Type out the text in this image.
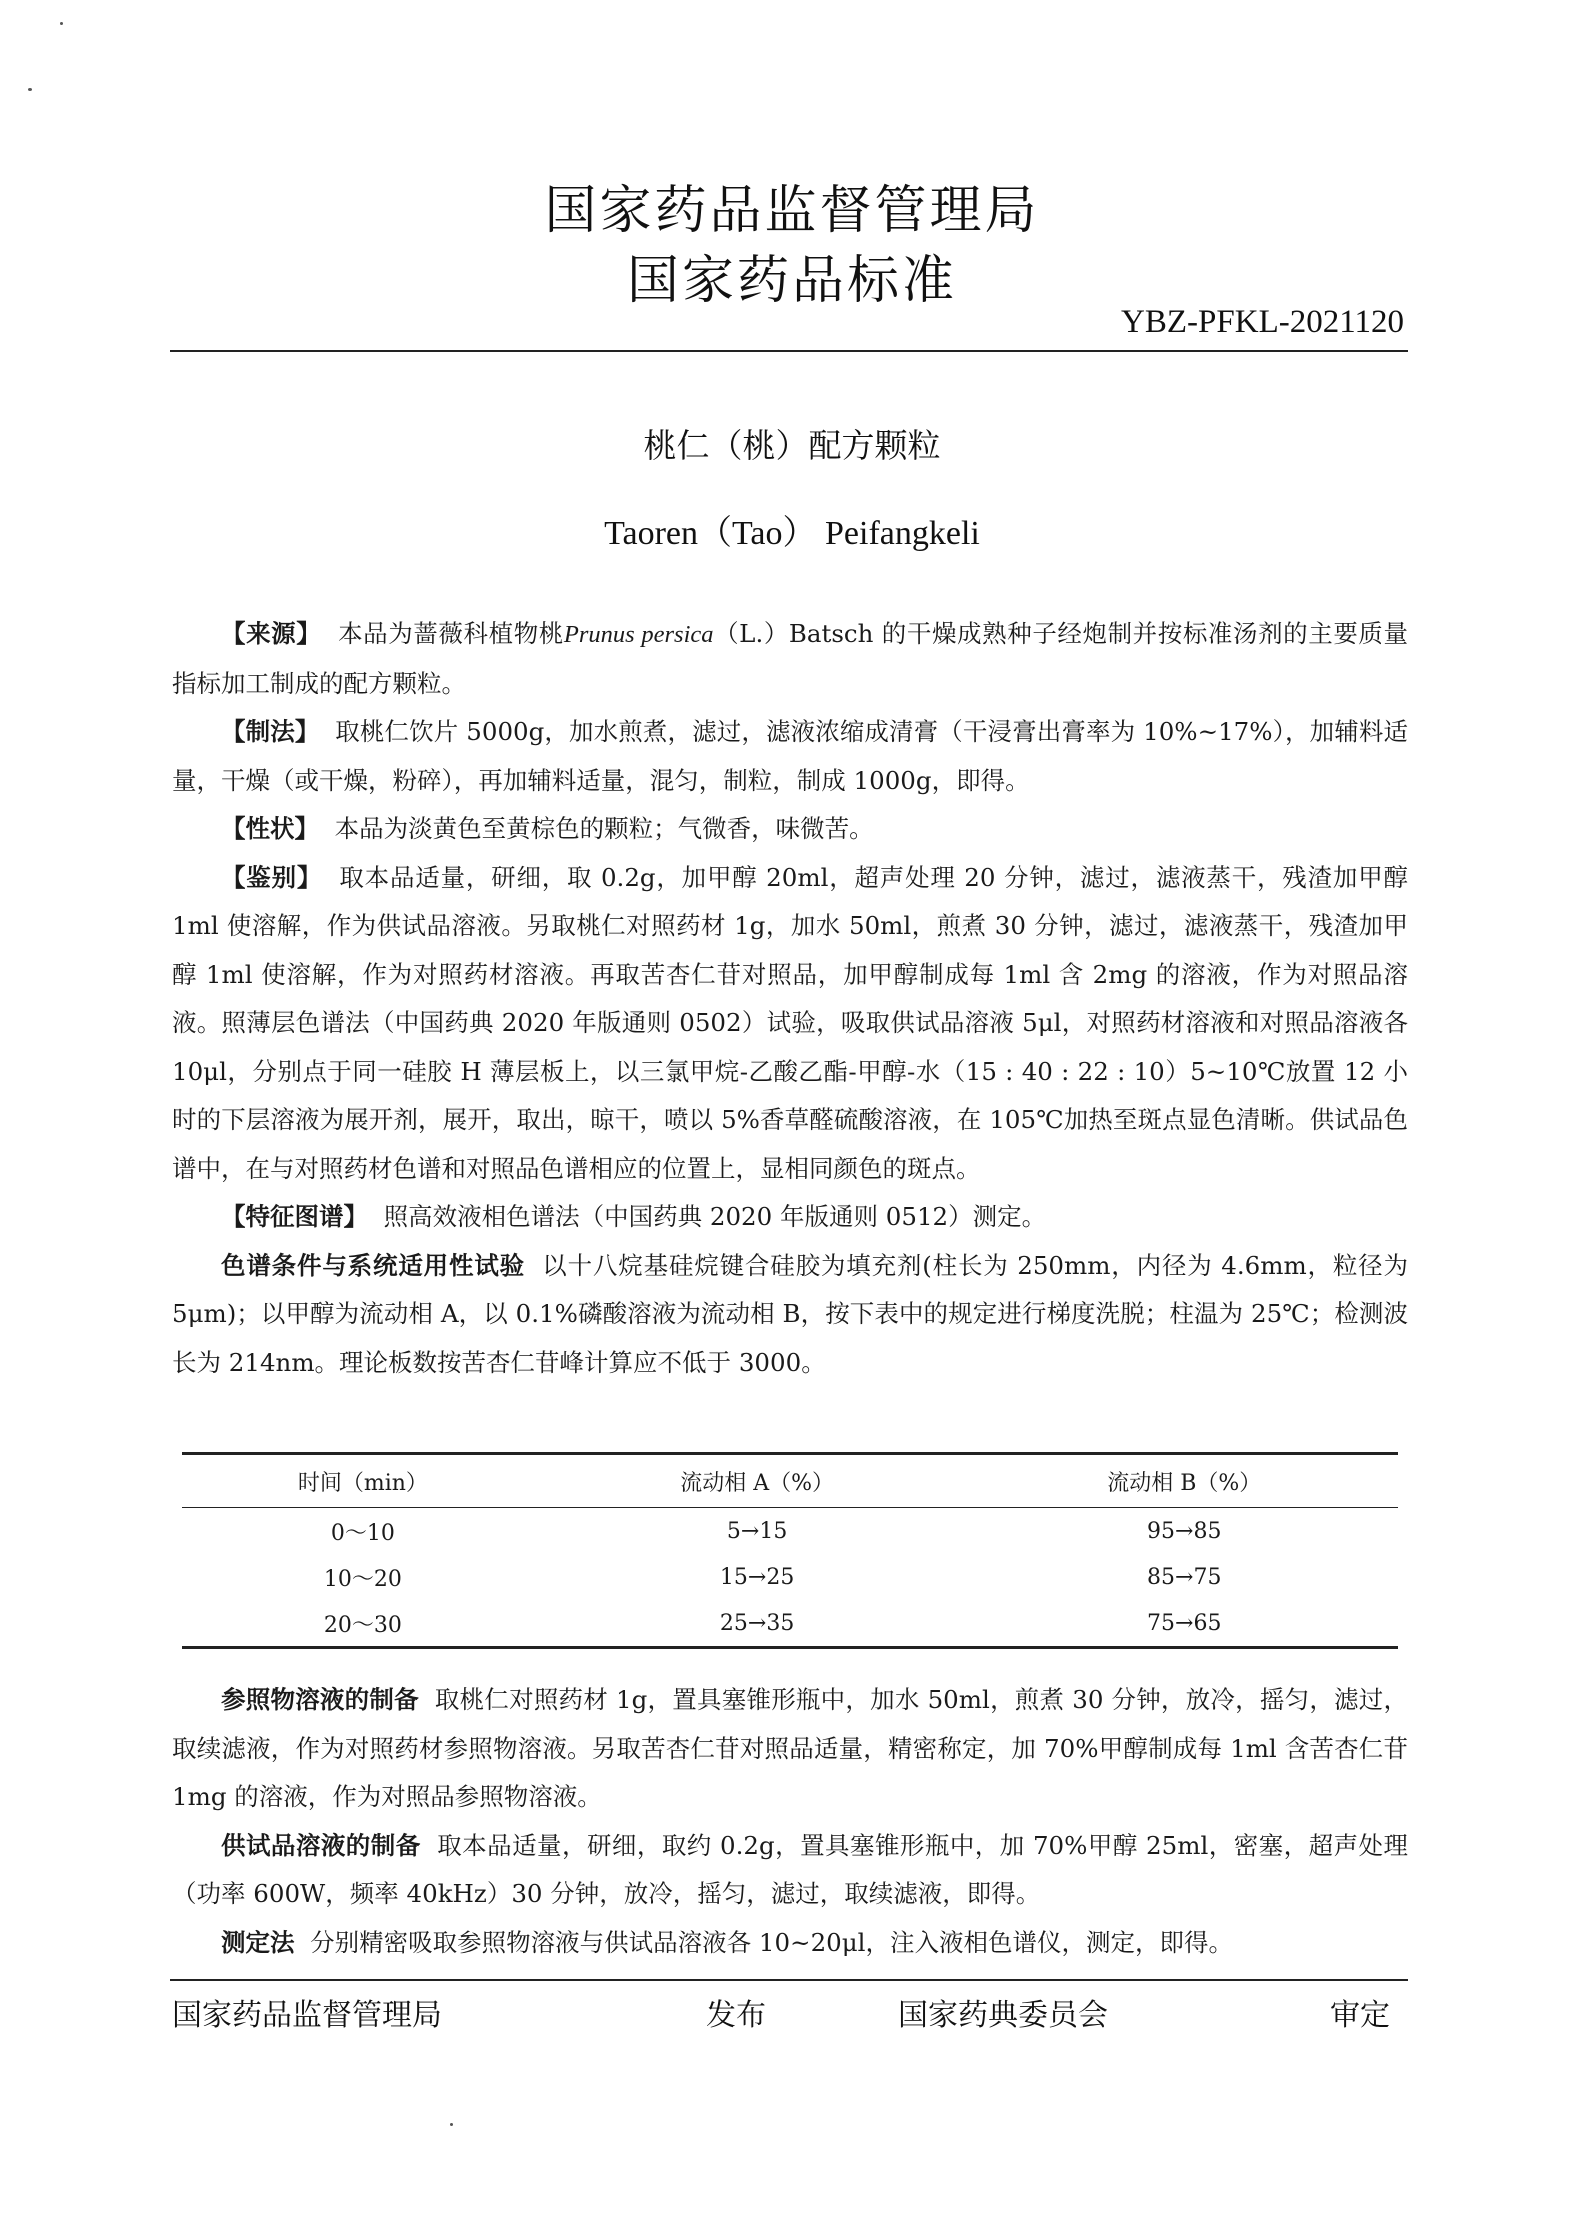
国家药品监督管理局
国家药品标准
YBZ-PFKL-2021120
桃仁（桃）配方颗粒
Taoren（Tao） Peifangkeli

【来源】 本品为蔷薇科植物桃Prunus persica（L.）Batsch 的干燥成熟种子经炮制并按标准汤剂的主要质量指标加工制成的配方颗粒。

【制法】 取桃仁饮片 5000g，加水煎煮，滤过，滤液浓缩成清膏（干浸膏出膏率为 10%~17%），加辅料适量，干燥（或干燥，粉碎），再加辅料适量，混匀，制粒，制成 1000g，即得。

【性状】 本品为淡黄色至黄棕色的颗粒；气微香，味微苦。

【鉴别】 取本品适量，研细，取 0.2g，加甲醇 20ml，超声处理 20 分钟，滤过，滤液蒸干，残渣加甲醇 1ml 使溶解，作为供试品溶液。另取桃仁对照药材 1g，加水 50ml，煎煮 30 分钟，滤过，滤液蒸干，残渣加甲醇 1ml 使溶解，作为对照药材溶液。再取苦杏仁苷对照品，加甲醇制成每 1ml 含 2mg 的溶液，作为对照品溶液。照薄层色谱法（中国药典 2020 年版通则 0502）试验，吸取供试品溶液 5μl，对照药材溶液和对照品溶液各 10μl，分别点于同一硅胶 H 薄层板上，以三氯甲烷-乙酸乙酯-甲醇-水（15 : 40 : 22 : 10）5~10℃放置 12 小时的下层溶液为展开剂，展开，取出，晾干，喷以 5%香草醛硫酸溶液，在 105℃加热至斑点显色清晰。供试品色谱中，在与对照药材色谱和对照品色谱相应的位置上，显相同颜色的斑点。

【特征图谱】 照高效液相色谱法（中国药典 2020 年版通则 0512）测定。

色谱条件与系统适用性试验 以十八烷基硅烷键合硅胶为填充剂(柱长为 250mm，内径为 4.6mm，粒径为 5μm)；以甲醇为流动相 A，以 0.1%磷酸溶液为流动相 B，按下表中的规定进行梯度洗脱；柱温为 25℃；检测波长为 214nm。理论板数按苦杏仁苷峰计算应不低于 3000。

时间（min）	流动相 A（%）	流动相 B（%）
0～10	5→15	95→85
10～20	15→25	85→75
20～30	25→35	75→65

参照物溶液的制备 取桃仁对照药材 1g，置具塞锥形瓶中，加水 50ml，煎煮 30 分钟，放冷，摇匀，滤过，取续滤液，作为对照药材参照物溶液。另取苦杏仁苷对照品适量，精密称定，加 70%甲醇制成每 1ml 含苦杏仁苷 1mg 的溶液，作为对照品参照物溶液。

供试品溶液的制备 取本品适量，研细，取约 0.2g，置具塞锥形瓶中，加 70%甲醇 25ml，密塞，超声处理（功率 600W，频率 40kHz）30 分钟，放冷，摇匀，滤过，取续滤液，即得。

测定法 分别精密吸取参照物溶液与供试品溶液各 10~20μl，注入液相色谱仪，测定，即得。

国家药品监督管理局	发布	国家药典委员会	审定
